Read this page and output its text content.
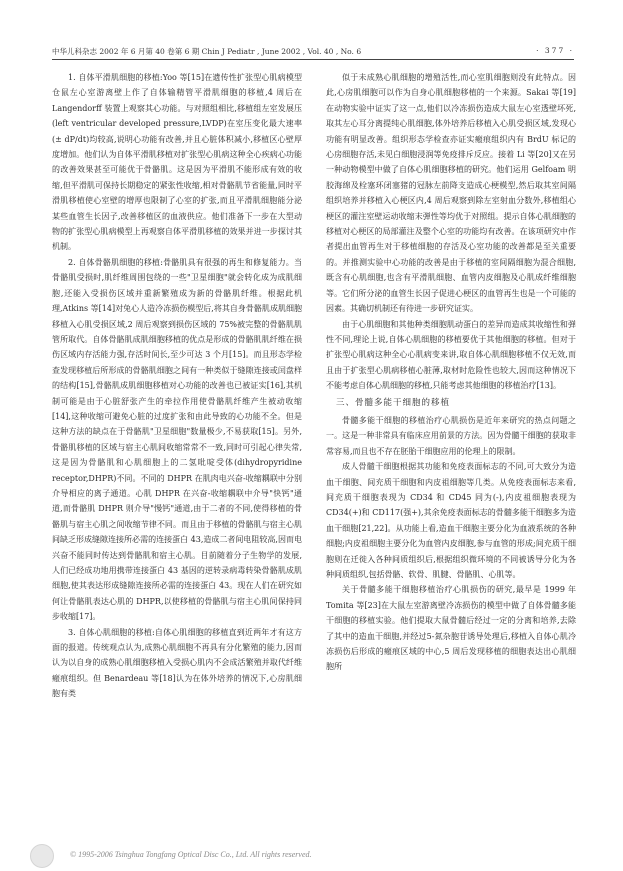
中华儿科杂志 2002 年 6 月第 40 卷第 6 期 Chin J Pediatr , June 2002 , Vol. 40 , No. 6	· 377 ·

1. 自体平滑肌细胞的移植:Yoo 等[15]在遗传性扩张型心肌病模型仓鼠左心室游离壁上作了自体输精管平滑肌细胞的移植,4 周后在 Langendorff 装置上观察其心功能。与对照组相比,移植组左室发展压(left ventricular developed pressure,LVDP)在室压变化最大速率(± dP/dt)均较高,说明心功能有改善,并且心脏体积减小,移植区心壁厚度增加。他们认为自体平滑肌移植对扩张型心肌病这种全心疾病心功能的改善效果甚至可能优于骨骼肌。这是因为平滑肌不能形成有效的收缩,但平滑肌可保持长期稳定的紧张性收缩,相对骨骼肌节省能量,同时平滑肌移植使心室壁的增厚也限制了心室的扩张,而且平滑肌细胞能分泌某些血管生长因子,改善移植区的血液供应。他们准备下一步在大型动物的扩张型心肌病模型上再观察自体平滑肌移植的效果并进一步探讨其机制。

2. 自体骨骼肌细胞的移植:骨骼肌具有很强的再生和修复能力。当骨骼肌受损时,肌纤维周围包绕的一些"卫星细胞"就会转化成为成肌细胞,还能入受损伤区域并重新繁殖成为新的骨骼肌纤维。根据此机理,Atkins 等[14]对兔心人造冷冻损伤模型后,将其自身骨骼肌成肌细胞移植入心肌受损区域,2 周后观察到损伤区域的 75%被完整的骨骼肌肌管所取代。自体骨骼肌成肌细胞移植的优点是形成的骨骼肌肌纤维在损伤区域内存活能力强,存活时间长,至少可达 3 个月[15]。而且形态学检查发现移植后所形成的骨骼肌细胞之间有一种类似于缝隙连接或闰盘样的结构[15],骨骼肌成肌细胞移植对心功能的改善也已被证实[16],其机制可能是由于心脏舒张产生的牵拉作用使骨骼肌纤维产生被动收缩[14],这种收缩可避免心脏的过度扩张和由此导致的心功能不全。但是这种方法的缺点在于骨骼肌"卫星细胞"数量极少,不易获取[15]。另外,骨骼肌移植的区域与宿主心肌间收缩常常不一致,同时可引起心律失常,这是因为骨骼肌和心肌细胞上的二氢吡啶受体(dihydropyridine receptor,DHPR)不同。不同的 DHPR 在肌肉电兴奋-收缩耦联中分别介导相应的离子通道。心肌 DHPR 在兴奋-收缩耦联中介导"快钙"通道,而骨骼肌 DHPR 则介导"慢钙"通道,由于二者的不同,使得移植的骨骼肌与宿主心肌之间收缩节律不同。而且由于移植的骨骼肌与宿主心肌间缺乏形成缝隙连接所必需的连接蛋白 43,造成二者间电阻较高,因而电兴奋不能同时传达到骨骼肌和宿主心肌。目前随着分子生物学的发展,人们已经成功地用携带连接蛋白 43 基因的逆转录病毒转染骨骼肌成肌细胞,使其表达形成缝隙连接所必需的连接蛋白 43。现在人们在研究如何让骨骼肌表达心肌的 DHPR,以使移植的骨骼肌与宿主心肌间保持同步收缩[17]。

3. 自体心肌细胞的移植:自体心肌细胞的移植直到近两年才有这方面的报道。传统观点认为,成熟心肌细胞不再具有分化繁殖的能力,因而认为以自身的成熟心肌细胞移植入受损心肌内不会成活繁殖并取代纤维瘢痕组织。但 Benardeau 等[18]认为在体外培养的情况下,心房肌细胞有类

似于未成熟心肌细胞的增殖活性,而心室肌细胞则没有此特点。因此,心房肌细胞可以作为自身心肌细胞移植的一个来源。Sakai 等[19]在动物实验中证实了这一点,他们以冷冻损伤造成大鼠左心室透壁坏死,取其左心耳分离提纯心肌细胞,体外培养后移植入心肌受损区域,发现心功能有明显改善。组织形态学检查亦证实瘢痕组织内有 BrdU 标记的心房细胞存活,未见白细胞浸润等免疫排斥反应。接着 Li 等[20]又在另一种动物模型中做了自体心肌细胞移植的研究。他们运用 Gelfoam 明胶海绵及栓塞环闭塞猪的冠脉左前降支造成心梗模型,然后取其室间隔组织培养并移植入心梗区内,4 周后观察到除左室射血分数外,移植组心梗区的灌注室壁运动收缩末弹性等均优于对照组。提示自体心肌细胞的移植对心梗区的局部灌注及整个心室的功能均有改善。在该项研究中作者提出血管再生对于移植细胞的存活及心室功能的改善都是至关重要的。并推测实验中心功能的改善是由于移植的室间隔细胞为混合细胞,既含有心肌细胞,也含有平滑肌细胞、血管内皮细胞及心肌成纤维细胞等。它们所分泌的血管生长因子促进心梗区的血管再生也是一个可能的因素。其确切机制还有待进一步研究证实。

由于心肌细胞和其他种类细胞肌动蛋白的差异而造成其收缩性和弹性不同,理论上说,自体心肌细胞的移植要优于其他细胞的移植。但对于扩张型心肌病这种全心心肌病变来讲,取自体心肌细胞移植不仅无效,而且由于扩张型心肌病移植心脏薄,取材时危险性也较大,因而这种情况下不能考虑自体心肌细胞的移植,只能考虑其他细胞的移植治疗[13]。

三、骨髓多能干细胞的移植

骨髓多能干细胞的移植治疗心肌损伤是近年来研究的热点问题之一。这是一种非常具有临床应用前景的方法。因为骨髓干细胞的获取非常容易,而且也不存在胚胎干细胞应用的伦理上的限制。

成人骨髓干细胞根据其功能和免疫表面标志的不同,可大致分为造血干细胞、间充质干细胞和内皮祖细胞等几类。从免疫表面标志来看,间充质干细胞表现为 CD34 和 CD45 同为(-),内皮祖细胞表现为 CD34(+)和 CD117(强+),其余免疫表面标志的骨髓多能干细胞多为造血干细胞[21,22]。从功能上看,造血干细胞主要分化为血液系统的各种细胞;内皮祖细胞主要分化为血管内皮细胞,参与血管的形成;间充质干细胞则在迁徙入各种间质组织后,根据组织微环境的不同被诱导分化为各种间质组织,包括骨骼、软骨、肌腱、骨骼肌、心肌等。

关于骨髓多能干细胞移植治疗心肌损伤的研究,最早是 1999 年 Tomita 等[23]在大鼠左室游离壁冷冻损伤的模型中做了自体骨髓多能干细胞的移植实验。他们提取大鼠骨髓后经过一定的分离和培养,去除了其中的造血干细胞,并经过5-氮杂胞苷诱导处理后,移植入自体心肌冷冻损伤后形成的瘢痕区域的中心,5 周后发现移植的细胞表达出心肌细胞所

© 1995-2006 Tsinghua Tongfang Optical Disc Co., Ltd. All rights reserved.
